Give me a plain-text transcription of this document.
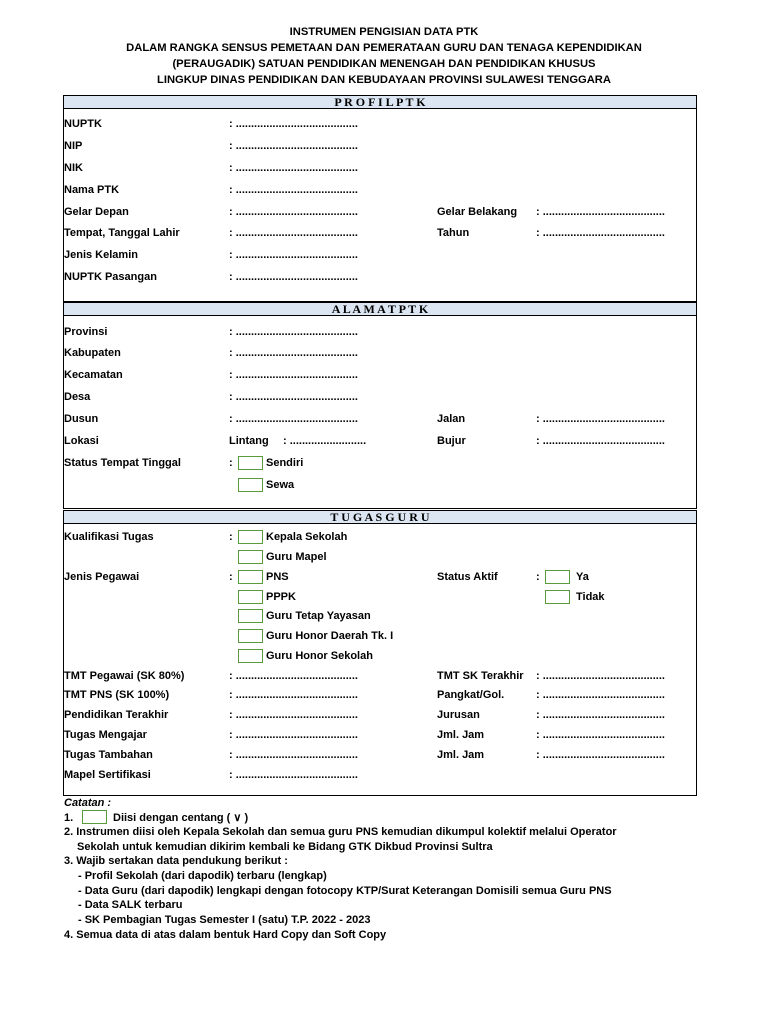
INSTRUMEN PENGISIAN DATA PTK
DALAM RANGKA SENSUS PEMETAAN DAN PEMERATAAN GURU DAN TENAGA KEPENDIDIKAN
(PERAUGADIK) SATUAN PENDIDIKAN MENENGAH DAN PENDIDIKAN KHUSUS
LINGKUP DINAS PENDIDIKAN DAN KEBUDAYAAN PROVINSI SULAWESI TENGGARA
P R O F I L P T K
NUPTK	: ........................................
NIP	: ........................................
NIK	: ........................................
Nama PTK	: ........................................
Gelar Depan	: ........................................	Gelar Belakang : ........................................
Tempat, Tanggal Lahir	: ........................................	Tahun	: ........................................
Jenis Kelamin	: ........................................
NUPTK Pasangan	: ........................................
A L A M A T P T K
Provinsi	: ........................................
Kabupaten	: ........................................
Kecamatan	: ........................................
Desa	: ........................................
Dusun	: ........................................	Jalan	: ........................................
Lokasi	Lintang : .........................	Bujur	: ........................................
Status Tempat Tinggal	:	Sendiri
Sewa
T U G A S G U R U
Kualifikasi Tugas	:	Kepala Sekolah
Guru Mapel
Jenis Pegawai	:	PNS
PPPK
Guru Tetap Yayasan
Guru Honor Daerah Tk. I
Guru Honor Sekolah
Status Aktif	:	Ya
Tidak
TMT Pegawai (SK 80%)	: ........................................	TMT SK Terakhir : ........................................
TMT PNS (SK 100%)	: ........................................	Pangkat/Gol.	: ........................................
Pendidikan Terakhir	: ........................................	Jurusan	: ........................................
Tugas Mengajar	: ........................................	Jml. Jam	: ........................................
Tugas Tambahan	: ........................................	Jml. Jam	: ........................................
Mapel Sertifikasi	: ........................................
Catatan :
1.	Diisi dengan centang ( ∨ )
2. Instrumen diisi oleh Kepala Sekolah dan semua guru PNS kemudian dikumpul kolektif melalui Operator
Sekolah untuk kemudian dikirim kembali ke Bidang GTK Dikbud Provinsi Sultra
3. Wajib sertakan data pendukung berikut :
- Profil Sekolah (dari dapodik) terbaru (lengkap)
- Data Guru (dari dapodik) lengkapi dengan fotocopy KTP/Surat Keterangan Domisili semua Guru PNS
- Data SALK terbaru
- SK Pembagian Tugas Semester I (satu) T.P. 2022 - 2023
4. Semua data di atas dalam bentuk Hard Copy dan Soft Copy
